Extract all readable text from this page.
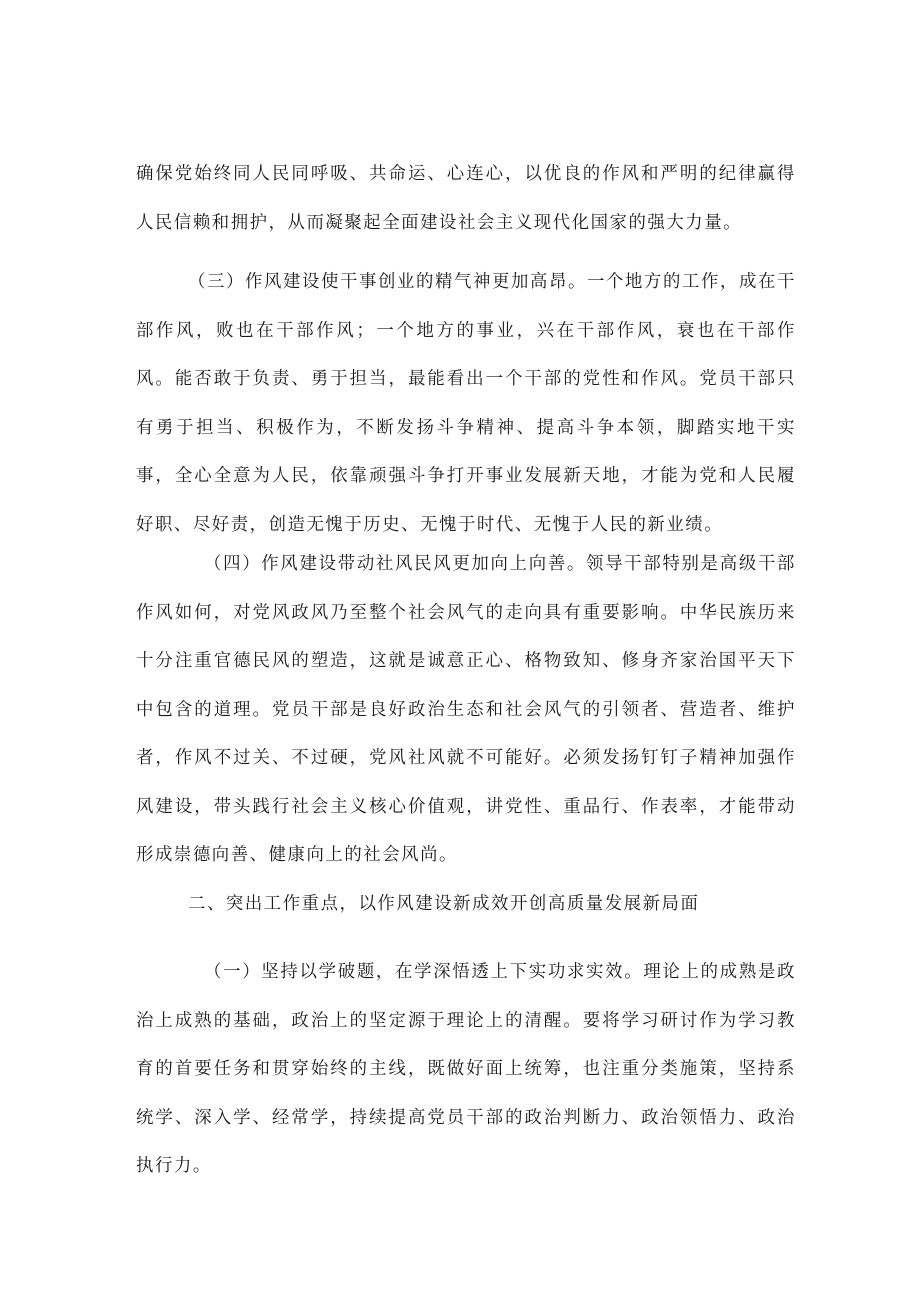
确保党始终同人民同呼吸、共命运、心连心，以优良的作风和严明的纪律赢得人民信赖和拥护，从而凝聚起全面建设社会主义现代化国家的强大力量。

（三）作风建设使干事创业的精气神更加高昂。一个地方的工作，成在干部作风，败也在干部作风；一个地方的事业，兴在干部作风，衰也在干部作风。能否敢于负责、勇于担当，最能看出一个干部的党性和作风。党员干部只有勇于担当、积极作为，不断发扬斗争精神、提高斗争本领，脚踏实地干实事，全心全意为人民，依靠顽强斗争打开事业发展新天地，才能为党和人民履好职、尽好责，创造无愧于历史、无愧于时代、无愧于人民的新业绩。

（四）作风建设带动社风民风更加向上向善。领导干部特别是高级干部作风如何，对党风政风乃至整个社会风气的走向具有重要影响。中华民族历来十分注重官德民风的塑造，这就是诚意正心、格物致知、修身齐家治国平天下中包含的道理。党员干部是良好政治生态和社会风气的引领者、营造者、维护者，作风不过关、不过硬，党风社风就不可能好。必须发扬钉钉子精神加强作风建设，带头践行社会主义核心价值观，讲党性、重品行、作表率，才能带动形成崇德向善、健康向上的社会风尚。

二、突出工作重点，以作风建设新成效开创高质量发展新局面

（一）坚持以学破题，在学深悟透上下实功求实效。理论上的成熟是政治上成熟的基础，政治上的坚定源于理论上的清醒。要将学习研讨作为学习教育的首要任务和贯穿始终的主线，既做好面上统筹，也注重分类施策，坚持系统学、深入学、经常学，持续提高党员干部的政治判断力、政治领悟力、政治执行力。
